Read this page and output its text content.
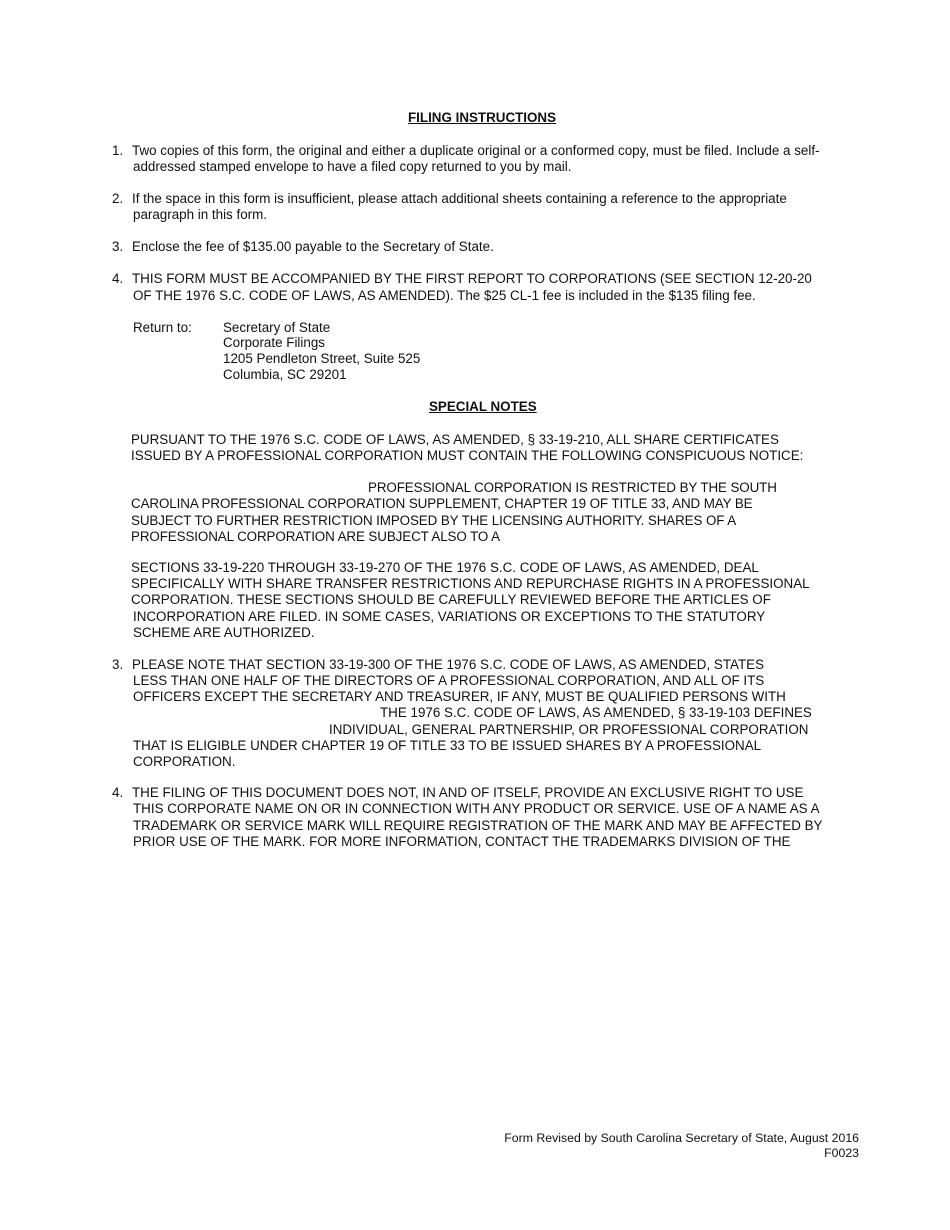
FILING INSTRUCTIONS
1. Two copies of this form, the original and either a duplicate original or a conformed copy, must be filed. Include a self-
addressed stamped envelope to have a filed copy returned to you by mail.
2. If the space in this form is insufficient, please attach additional sheets containing a reference to the appropriate
paragraph in this form.
3. Enclose the fee of $135.00 payable to the Secretary of State.
4. THIS FORM MUST BE ACCOMPANIED BY THE FIRST REPORT TO CORPORATIONS (SEE SECTION 12-20-20
OF THE 1976 S.C. CODE OF LAWS, AS AMENDED). The $25 CL-1 fee is included in the $135 filing fee.
Return to: Secretary of State
Corporate Filings
1205 Pendleton Street, Suite 525
Columbia, SC 29201
SPECIAL NOTES
PURSUANT TO THE 1976 S.C. CODE OF LAWS, AS AMENDED, § 33-19-210, ALL SHARE CERTIFICATES
ISSUED BY A PROFESSIONAL CORPORATION MUST CONTAIN THE FOLLOWING CONSPICUOUS NOTICE:
PROFESSIONAL CORPORATION IS RESTRICTED BY THE SOUTH
CAROLINA PROFESSIONAL CORPORATION SUPPLEMENT, CHAPTER 19 OF TITLE 33, AND MAY BE
SUBJECT TO FURTHER RESTRICTION IMPOSED BY THE LICENSING AUTHORITY. SHARES OF A
PROFESSIONAL CORPORATION ARE SUBJECT ALSO TO A
SECTIONS 33-19-220 THROUGH 33-19-270 OF THE 1976 S.C. CODE OF LAWS, AS AMENDED, DEAL
SPECIFICALLY WITH SHARE TRANSFER RESTRICTIONS AND REPURCHASE RIGHTS IN A PROFESSIONAL
CORPORATION. THESE SECTIONS SHOULD BE CAREFULLY REVIEWED BEFORE THE ARTICLES OF
INCORPORATION ARE FILED. IN SOME CASES, VARIATIONS OR EXCEPTIONS TO THE STATUTORY
SCHEME ARE AUTHORIZED.
3. PLEASE NOTE THAT SECTION 33-19-300 OF THE 1976 S.C. CODE OF LAWS, AS AMENDED, STATES
LESS THAN ONE HALF OF THE DIRECTORS OF A PROFESSIONAL CORPORATION, AND ALL OF ITS
OFFICERS EXCEPT THE SECRETARY AND TREASURER, IF ANY, MUST BE QUALIFIED PERSONS WITH
THE 1976 S.C. CODE OF LAWS, AS AMENDED, § 33-19-103 DEFINES
INDIVIDUAL, GENERAL PARTNERSHIP, OR PROFESSIONAL CORPORATION
THAT IS ELIGIBLE UNDER CHAPTER 19 OF TITLE 33 TO BE ISSUED SHARES BY A PROFESSIONAL
CORPORATION.
4. THE FILING OF THIS DOCUMENT DOES NOT, IN AND OF ITSELF, PROVIDE AN EXCLUSIVE RIGHT TO USE
THIS CORPORATE NAME ON OR IN CONNECTION WITH ANY PRODUCT OR SERVICE. USE OF A NAME AS A
TRADEMARK OR SERVICE MARK WILL REQUIRE REGISTRATION OF THE MARK AND MAY BE AFFECTED BY
PRIOR USE OF THE MARK. FOR MORE INFORMATION, CONTACT THE TRADEMARKS DIVISION OF THE
Form Revised by South Carolina Secretary of State, August 2016
F0023
